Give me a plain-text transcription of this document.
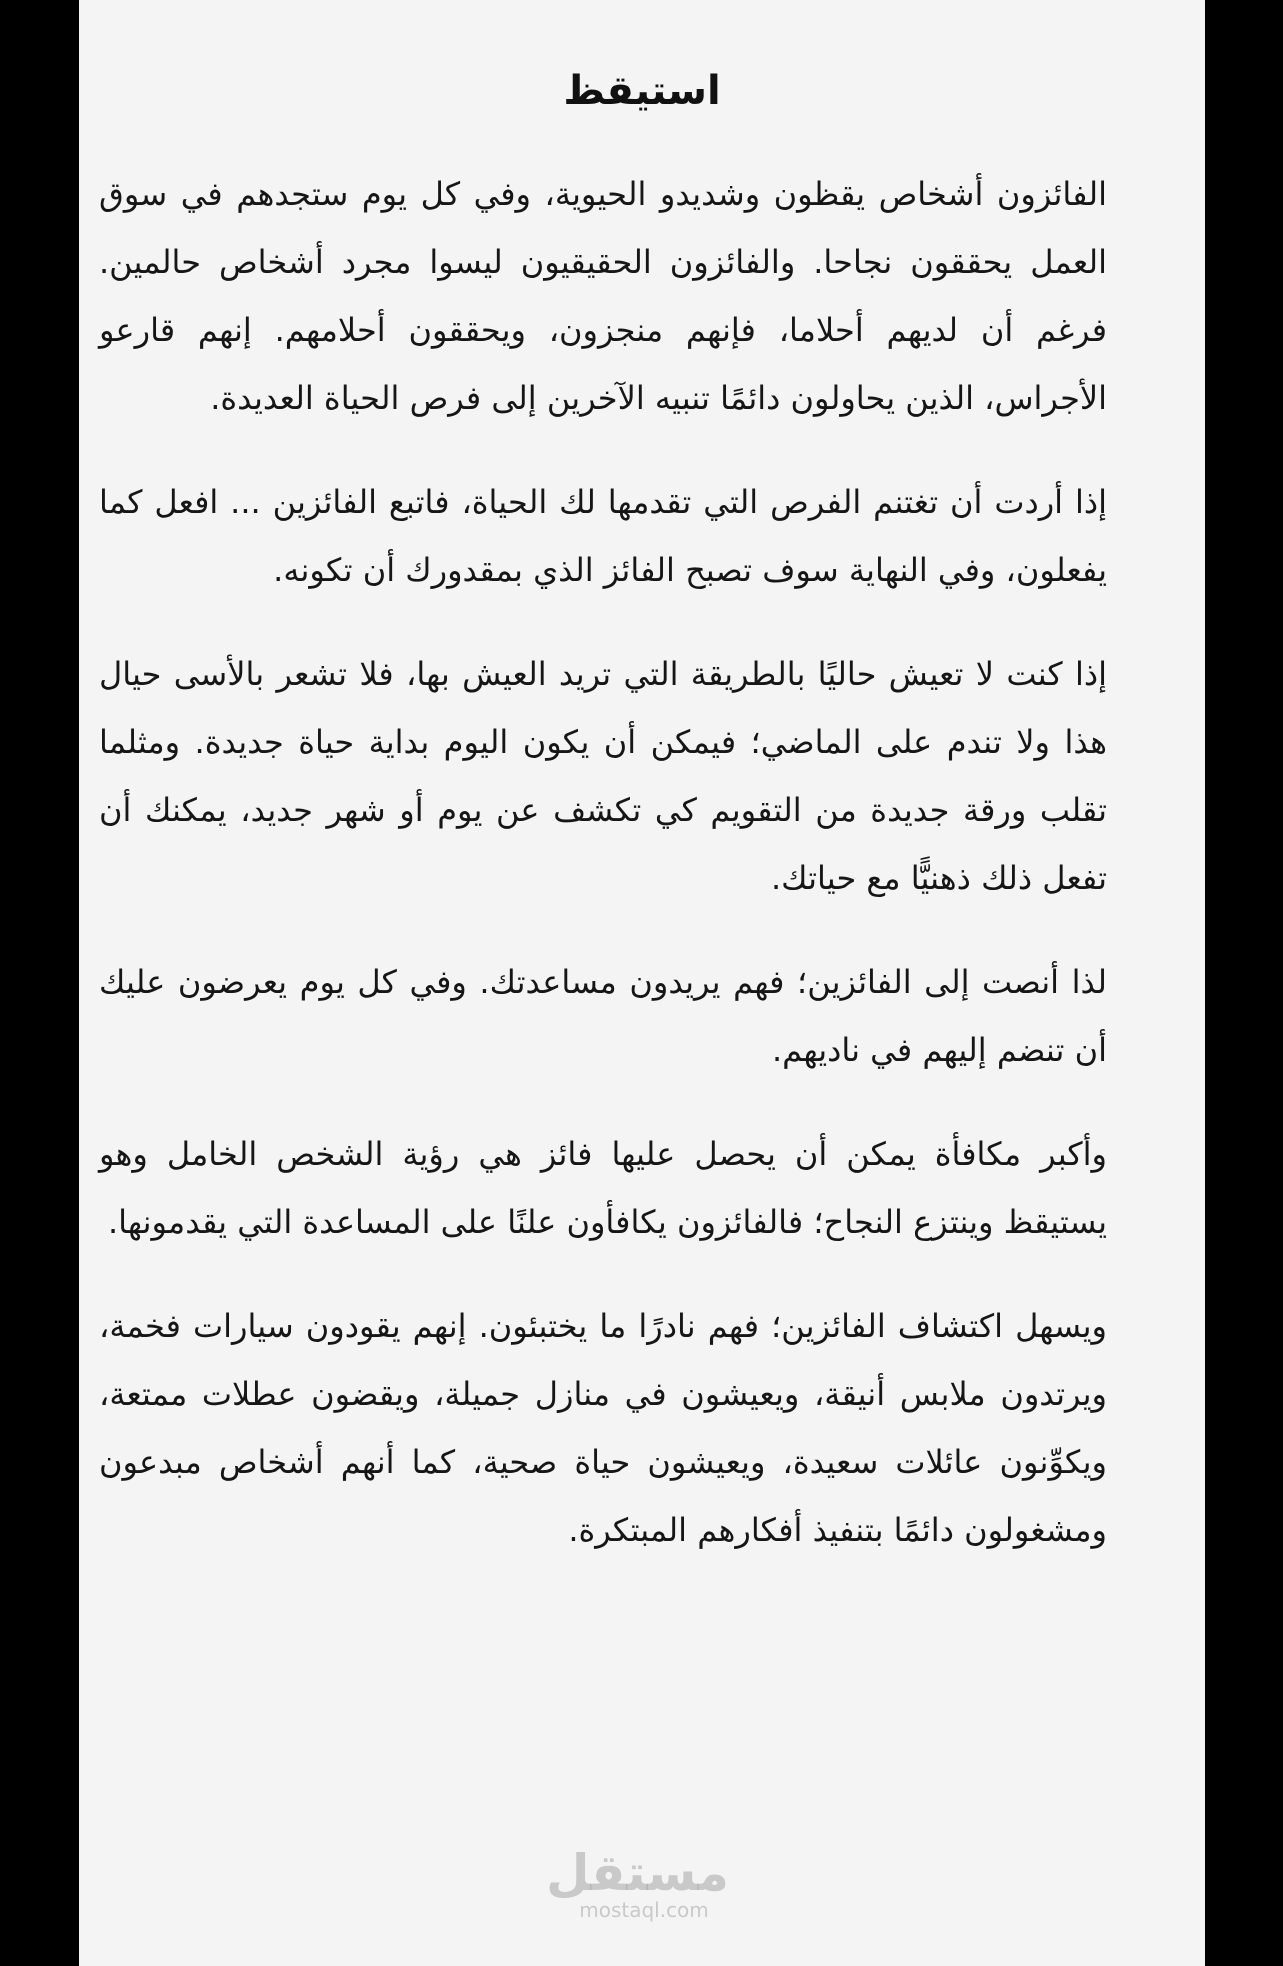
استيقظ

الفائزون أشخاص يقظون وشديدو الحيوية، وفي كل يوم ستجدهم في سوق العمل يحققون نجاحا. والفائزون الحقيقيون ليسوا مجرد أشخاص حالمين. فرغم أن لديهم أحلاما، فإنهم منجزون، ويحققون أحلامهم. إنهم قارعو الأجراس، الذين يحاولون دائمًا تنبيه الآخرين إلى فرص الحياة العديدة.

إذا أردت أن تغتنم الفرص التي تقدمها لك الحياة، فاتبع الفائزين ... افعل كما يفعلون، وفي النهاية سوف تصبح الفائز الذي بمقدورك أن تكونه.

إذا كنت لا تعيش حاليًا بالطريقة التي تريد العيش بها، فلا تشعر بالأسى حيال هذا ولا تندم على الماضي؛ فيمكن أن يكون اليوم بداية حياة جديدة. ومثلما تقلب ورقة جديدة من التقويم كي تكشف عن يوم أو شهر جديد، يمكنك أن تفعل ذلك ذهنيًّا مع حياتك.

لذا أنصت إلى الفائزين؛ فهم يريدون مساعدتك. وفي كل يوم يعرضون عليك أن تنضم إليهم في ناديهم.

وأكبر مكافأة يمكن أن يحصل عليها فائز هي رؤية الشخص الخامل وهو يستيقظ وينتزع النجاح؛ فالفائزون يكافأون علنًا على المساعدة التي يقدمونها.

ويسهل اكتشاف الفائزين؛ فهم نادرًا ما يختبئون. إنهم يقودون سيارات فخمة، ويرتدون ملابس أنيقة، ويعيشون في منازل جميلة، ويقضون عطلات ممتعة، ويكوِّنون عائلات سعيدة، ويعيشون حياة صحية، كما أنهم أشخاص مبدعون ومشغولون دائمًا بتنفيذ أفكارهم المبتكرة.

مستقل
mostaql.com
